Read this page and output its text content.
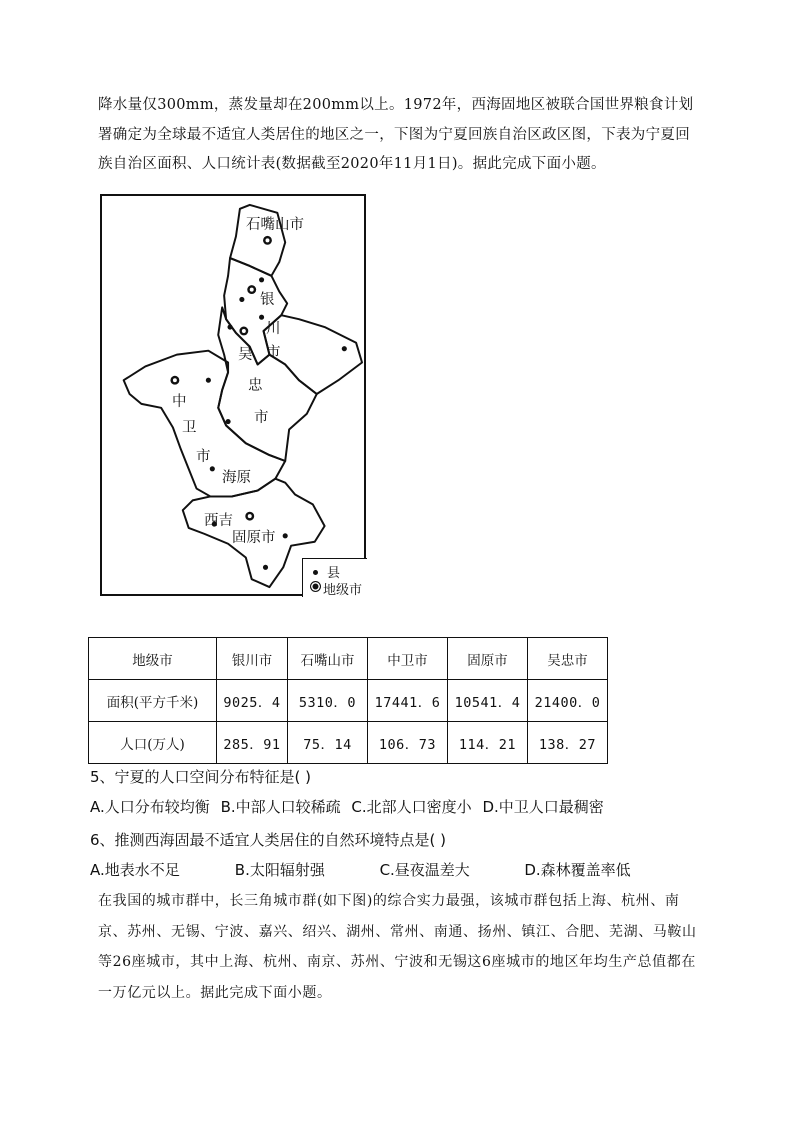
降水量仅300mm，蒸发量却在200mm以上。1972年，西海固地区被联合国世界粮食计划署确定为全球最不适宜人类居住的地区之一，下图为宁夏回族自治区政区图，下表为宁夏回族自治区面积、人口统计表(数据截至2020年11月1日)。据此完成下面小题。
石嘴山市
银
川
市
吴
忠
市
中
卫
市
海原
西吉
固原市
县
地级市
地级市	银川市	石嘴山市	中卫市	固原市	吴忠市
面积(平方千米)	9025．4	5310．0	17441．6	10541．4	21400．0
人口(万人)	285．91	75．14	106．73	114．21	138．27
5、宁夏的人口空间分布特征是( )
A.人口分布较均衡 B.中部人口较稀疏 C.北部人口密度小 D.中卫人口最稠密
6、推测西海固最不适宜人类居住的自然环境特点是( )
A.地表水不足	B.太阳辐射强	C.昼夜温差大	D.森林覆盖率低
在我国的城市群中，长三角城市群(如下图)的综合实力最强，该城市群包括上海、杭州、南京、苏州、无锡、宁波、嘉兴、绍兴、湖州、常州、南通、扬州、镇江、合肥、芜湖、马鞍山等26座城市，其中上海、杭州、南京、苏州、宁波和无锡这6座城市的地区年均生产总值都在一万亿元以上。据此完成下面小题。
